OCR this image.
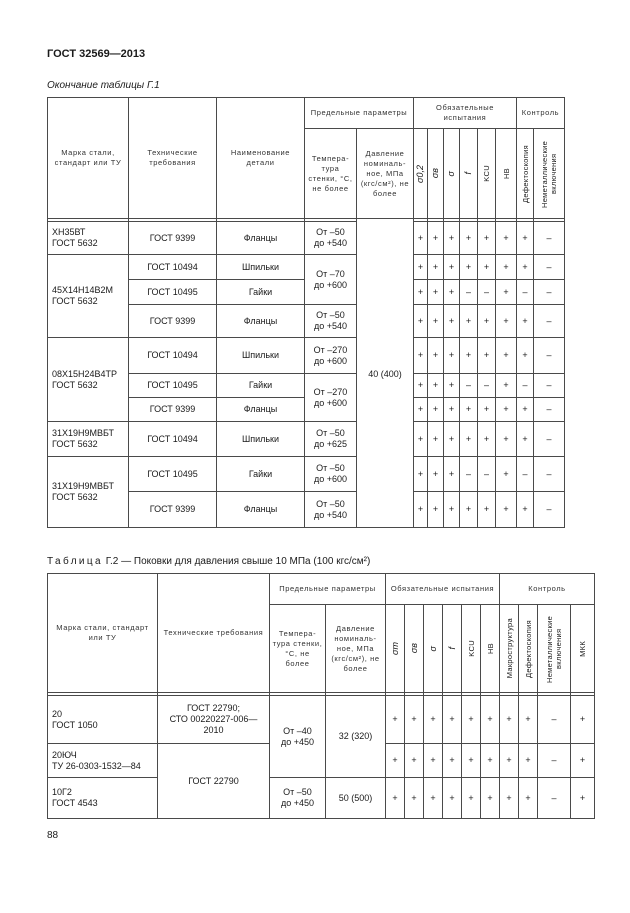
ГОСТ 32569—2013
Окончание таблицы Г.1
Марка стали, стандарт или ТУ	Технические требования	Наименование детали	Предельные параметры		Обязательные испытания						Контроль	
			Темпера-тура стенки, °С, не более	Давление номиналь-ное, МПа (кгс/см²), не более	σ0,2	σв	σ	f	KCU	HB	Дефектоскопия	Неметаллические включения

ХН35ВТ
ГОСТ 5632	ГОСТ 9399	Фланцы	От –50
до +540	40 (400)	+	+	+	+	+	+	+	–
45Х14Н14В2М
ГОСТ 5632	ГОСТ 10494	Шпильки	От –70
до +600		+	+	+	+	+	+	+	–
	ГОСТ 10495	Гайки			+	+	+	–	–	+	–	–
	ГОСТ 9399	Фланцы	От –50
до +540		+	+	+	+	+	+	+	–
08Х15Н24В4ТР
ГОСТ 5632	ГОСТ 10494	Шпильки	От –270
до +600		+	+	+	+	+	+	+	–
	ГОСТ 10495	Гайки	От –270
до +600		+	+	+	–	–	+	–	–
	ГОСТ 9399	Фланцы			+	+	+	+	+	+	+	–
31Х19Н9МВБТ
ГОСТ 5632	ГОСТ 10494	Шпильки	От –50
до +625		+	+	+	+	+	+	+	–
31Х19Н9МВБТ
ГОСТ 5632	ГОСТ 10495	Гайки	От –50
до +600		+	+	+	–	–	+	–	–
	ГОСТ 9399	Фланцы	От –50
до +540		+	+	+	+	+	+	+	–
Таблица Г.2 — Поковки для давления свыше 10 МПа (100 кгс/см²)
Марка стали, стандарт или ТУ	Технические требования	Предельные параметры		Обязательные испытания						Контроль			
		Темпера-тура стенки, °С, не более	Давление номиналь-ное, МПа (кгс/см²), не более	σт	σв	σ	f	KCU	HB	Макроструктура	Дефектоскопия	Неметаллические включения	МКК

20
ГОСТ 1050	ГОСТ 22790;
СТО 00220227-006—
2010	От –40
до +450	32 (320)	+	+	+	+	+	+	+	+	–	+
20ЮЧ
ТУ 26-0303-1532—84	ГОСТ 22790			+	+	+	+	+	+	+	+	–	+
10Г2
ГОСТ 4543		От –50
до +450	50 (500)	+	+	+	+	+	+	+	+	–	+
88
